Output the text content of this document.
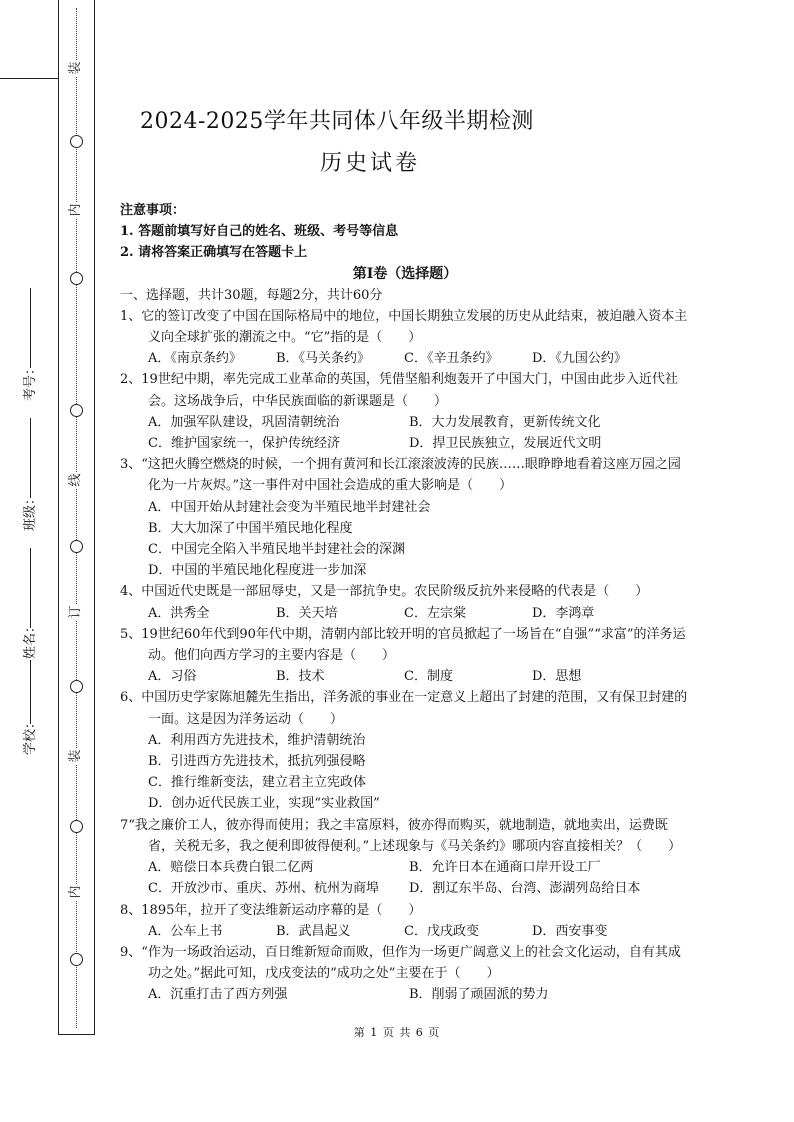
装
内
线
订
装
内
考号：
班级：
姓名：
学校：
2024-2025学年共同体八年级半期检测
历史试卷
注意事项：
1. 答题前填写好自己的姓名、班级、考号等信息
2. 请将答案正确填写在答题卡上
第Ⅰ卷（选择题）
一、选择题，共计30题，每题2分，共计60分
1、它的签订改变了中国在国际格局中的地位，中国长期独立发展的历史从此结束，被迫融入资本主义向全球扩张的潮流之中。“它”指的是（　　）
A．《南京条约》	B．《马关条约》	C．《辛丑条约》	D．《九国公约》
2、19世纪中期，率先完成工业革命的英国，凭借坚船利炮轰开了中国大门，中国由此步入近代社会。这场战争后，中华民族面临的新课题是（　　）
A．加强军队建设，巩固清朝统治	B．大力发展教育，更新传统文化
C．维护国家统一，保护传统经济	D．捍卫民族独立，发展近代文明
3、“这把火腾空燃烧的时候，一个拥有黄河和长江滚滚波涛的民族……眼睁睁地看着这座万园之园化为一片灰烬。”这一事件对中国社会造成的重大影响是（　　）
A．中国开始从封建社会变为半殖民地半封建社会
B．大大加深了中国半殖民地化程度
C．中国完全陷入半殖民地半封建社会的深渊
D．中国的半殖民地化程度进一步加深
4、中国近代史既是一部屈辱史，又是一部抗争史。农民阶级反抗外来侵略的代表是（　　）
A．洪秀全	B．关天培	C．左宗棠	D．李鸿章
5、19世纪60年代到90年代中期，清朝内部比较开明的官员掀起了一场旨在“自强”“求富”的洋务运动。他们向西方学习的主要内容是（　　）
A．习俗	B．技术	C．制度	D．思想
6、中国历史学家陈旭麓先生指出，洋务派的事业在一定意义上超出了封建的范围，又有保卫封建的一面。这是因为洋务运动（　　）
A．利用西方先进技术，维护清朝统治
B．引进西方先进技术，抵抗列强侵略
C．推行维新变法，建立君主立宪政体
D．创办近代民族工业，实现“实业救国”
7“我之廉价工人，彼亦得而使用；我之丰富原料，彼亦得而购买，就地制造，就地卖出，运费既省，关税无多，我之便利即彼得便利。”上述现象与《马关条约》哪项内容直接相关？（　　）
A．赔偿日本兵费白银二亿两	B．允许日本在通商口岸开设工厂
C．开放沙市、重庆、苏州、杭州为商埠	D．割辽东半岛、台湾、澎湖列岛给日本
8、1895年，拉开了变法维新运动序幕的是（　　）
A．公车上书	B．武昌起义	C．戊戌政变	D．西安事变
9、“作为一场政治运动，百日维新短命而败，但作为一场更广阔意义上的社会文化运动，自有其成功之处。”据此可知，戊戌变法的“成功之处”主要在于（　　）
A．沉重打击了西方列强	B．削弱了顽固派的势力
第 1 页 共 6 页
